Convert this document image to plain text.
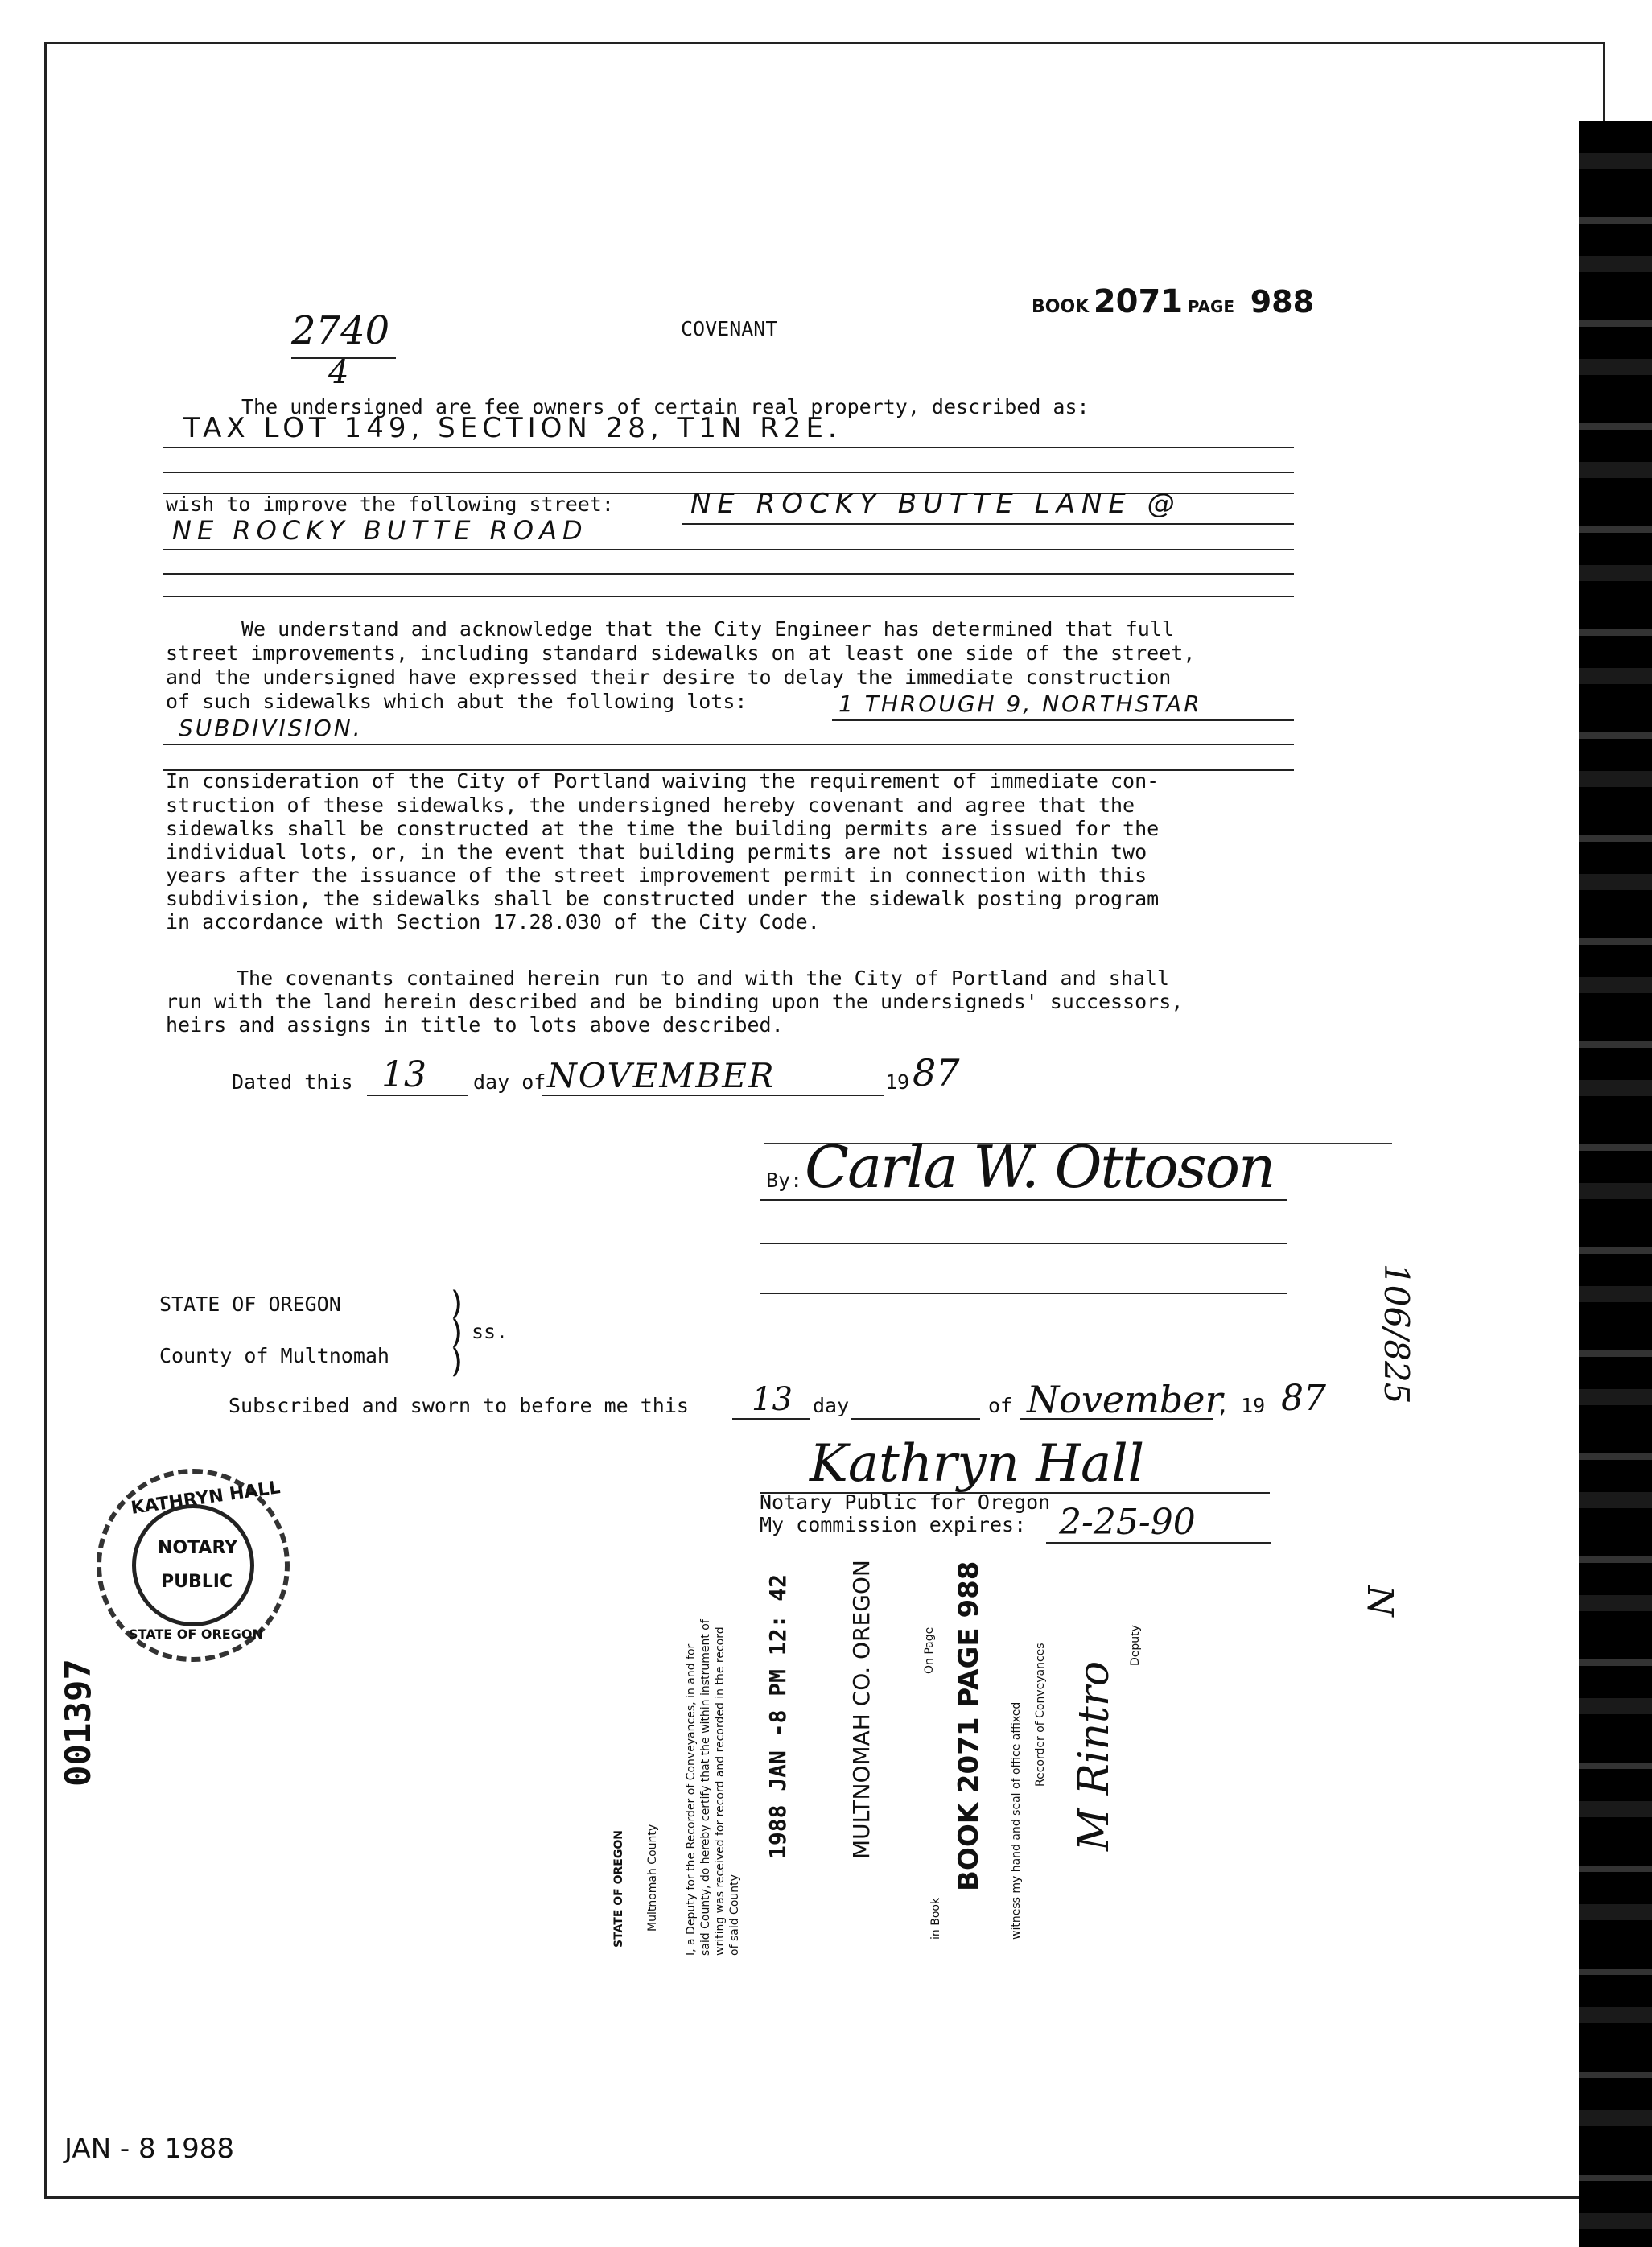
BOOK 2071 PAGE 988
2740
4
COVENANT
The undersigned are fee owners of certain real property, described as:
TAX LOT 149, SECTION 28, T1N R2E.
wish to improve the following street:	NE ROCKY BUTTE LANE @
NE ROCKY BUTTE ROAD
We understand and acknowledge that the City Engineer has determined that full
street improvements, including standard sidewalks on at least one side of the street,
and the undersigned have expressed their desire to delay the immediate construction
of such sidewalks which abut the following lots:	1 THROUGH 9, NORTHSTAR
SUBDIVISION.
In consideration of the City of Portland waiving the requirement of immediate con-
struction of these sidewalks, the undersigned hereby covenant and agree that the
sidewalks shall be constructed at the time the building permits are issued for the
individual lots, or, in the event that building permits are not issued within two
years after the issuance of the street improvement permit in connection with this
subdivision, the sidewalks shall be constructed under the sidewalk posting program
in accordance with Section 17.28.030 of the City Code.
The covenants contained herein run to and with the City of Portland and shall
run with the land herein described and be binding upon the undersigneds' successors,
heirs and assigns in title to lots above described.
Dated this 13 day of NOVEMBER	19 87
By: Carla W. Ottoson
STATE OF OREGON
County of Multnomah
)
)
)
ss.
Subscribed and sworn to before me this 13 day	of November
, 19 87
Kathryn Hall
Notary Public for Oregon
My commission expires: 2-25-90
KATHRYN HALL
NOTARY
PUBLIC
STATE OF OREGON
001397
STATE OF OREGON Multnomah County I, a Deputy for the Recorder of Conveyances, in and for said County, do hereby certify that the within instrument of writing was received for record and recorded in the record of said County
1988 JAN -8 PM 12: 42	MULTNOMAH CO. OREGON	On Page
in Book
BOOK 2071 PAGE 988 witness my hand and seal of office affixed Recorder of Conveyances M Rintro
Deputy
106/825
N
JAN - 8 1988
